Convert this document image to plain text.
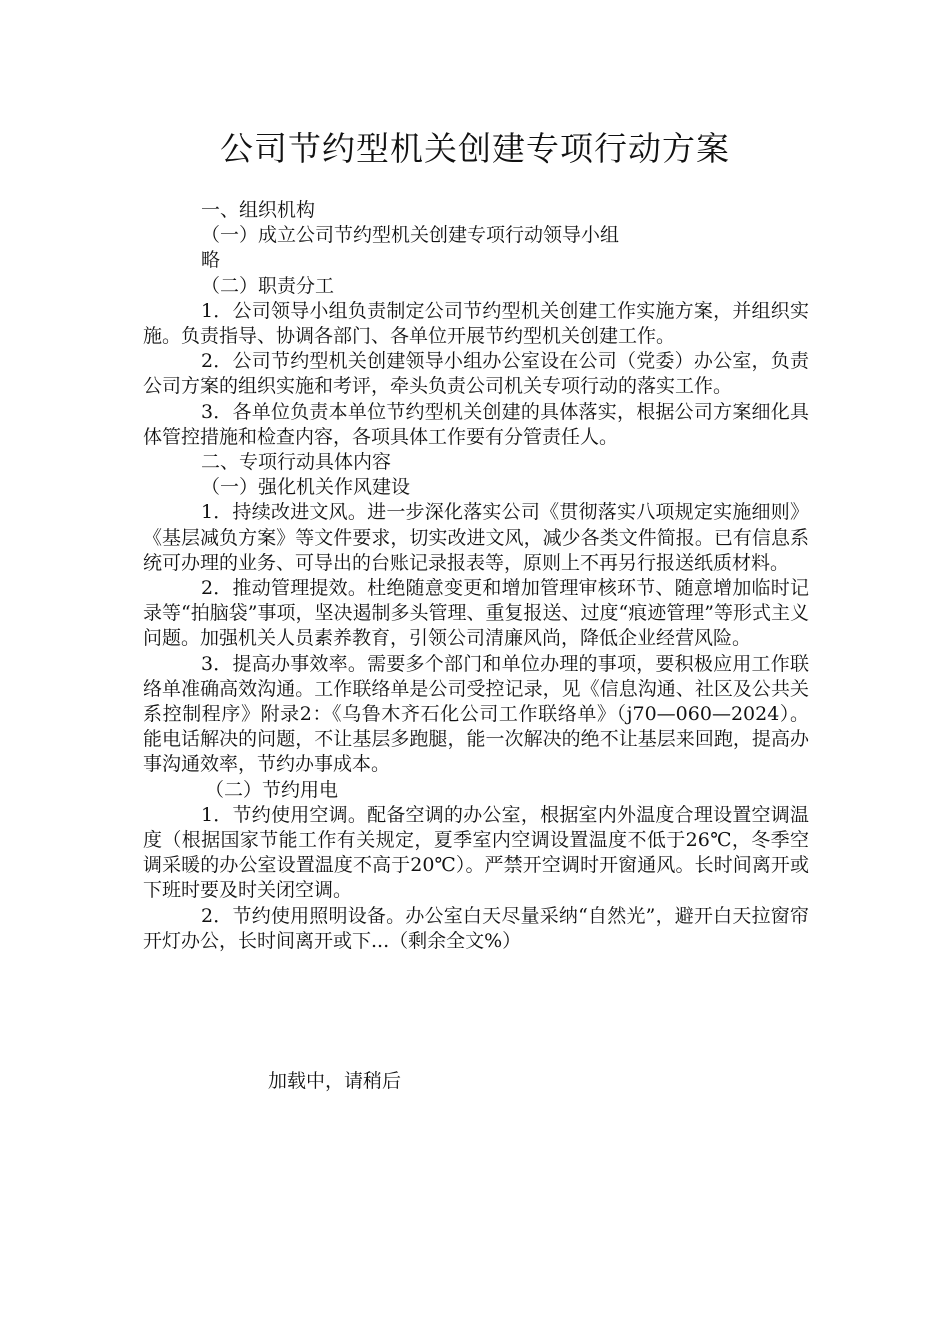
公司节约型机关创建专项行动方案

一、组织机构

（一）成立公司节约型机关创建专项行动领导小组

略

（二）职责分工

1．公司领导小组负责制定公司节约型机关创建工作实施方案，并组织实施。负责指导、协调各部门、各单位开展节约型机关创建工作。

2．公司节约型机关创建领导小组办公室设在公司（党委）办公室，负责公司方案的组织实施和考评，牵头负责公司机关专项行动的落实工作。

3．各单位负责本单位节约型机关创建的具体落实，根据公司方案细化具体管控措施和检查内容，各项具体工作要有分管责任人。

二、专项行动具体内容

（一）强化机关作风建设

1．持续改进文风。进一步深化落实公司《贯彻落实八项规定实施细则》《基层减负方案》等文件要求，切实改进文风，减少各类文件简报。已有信息系统可办理的业务、可导出的台账记录报表等，原则上不再另行报送纸质材料。

2．推动管理提效。杜绝随意变更和增加管理审核环节、随意增加临时记录等“拍脑袋”事项，坚决遏制多头管理、重复报送、过度“痕迹管理”等形式主义问题。加强机关人员素养教育，引领公司清廉风尚，降低企业经营风险。

3．提高办事效率。需要多个部门和单位办理的事项，要积极应用工作联络单准确高效沟通。工作联络单是公司受控记录，见《信息沟通、社区及公共关系控制程序》附录2：《乌鲁木齐石化公司工作联络单》（j70—060—2024）。能电话解决的问题，不让基层多跑腿，能一次解决的绝不让基层来回跑，提高办事沟通效率，节约办事成本。

（二）节约用电

1．节约使用空调。配备空调的办公室，根据室内外温度合理设置空调温度（根据国家节能工作有关规定，夏季室内空调设置温度不低于26℃，冬季空调采暖的办公室设置温度不高于20℃）。严禁开空调时开窗通风。长时间离开或下班时要及时关闭空调。

2．节约使用照明设备。办公室白天尽量采纳“自然光”，避开白天拉窗帘开灯办公，长时间离开或下...（剩余全文%）

加载中，请稍后
